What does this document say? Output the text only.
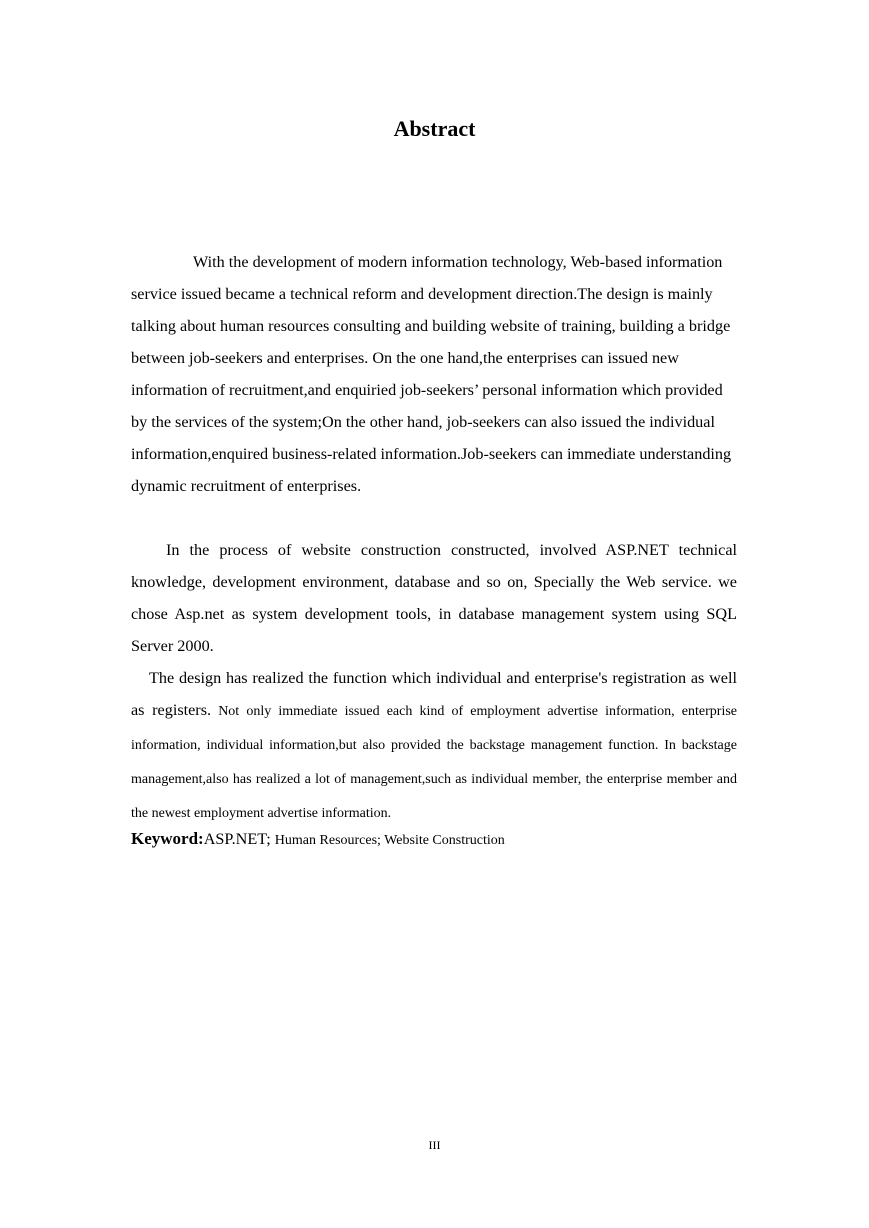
Abstract

With the development of modern information technology, Web-based information service issued became a technical reform and development direction.The design is mainly talking about human resources consulting and building website of training, building a bridge between job-seekers and enterprises. On the one hand,the enterprises can issued new information of recruitment,and enquiried job-seekers’ personal information which provided by the services of the system;On the other hand, job-seekers can also issued the individual information,enquired business-related information.Job-seekers can immediate understanding dynamic recruitment of enterprises.

In the process of website construction constructed, involved ASP.NET technical knowledge, development environment, database and so on, Specially the Web service. we chose Asp.net as system development tools, in database management system using SQL Server 2000.

The design has realized the function which individual and enterprise's registration as well as registers. Not only immediate issued each kind of employment advertise information, enterprise information, individual information,but also provided the backstage management function. In backstage management,also has realized a lot of management,such as individual member, the enterprise member and the newest employment advertise information.

Keyword:ASP.NET; Human Resources; Website Construction
III
